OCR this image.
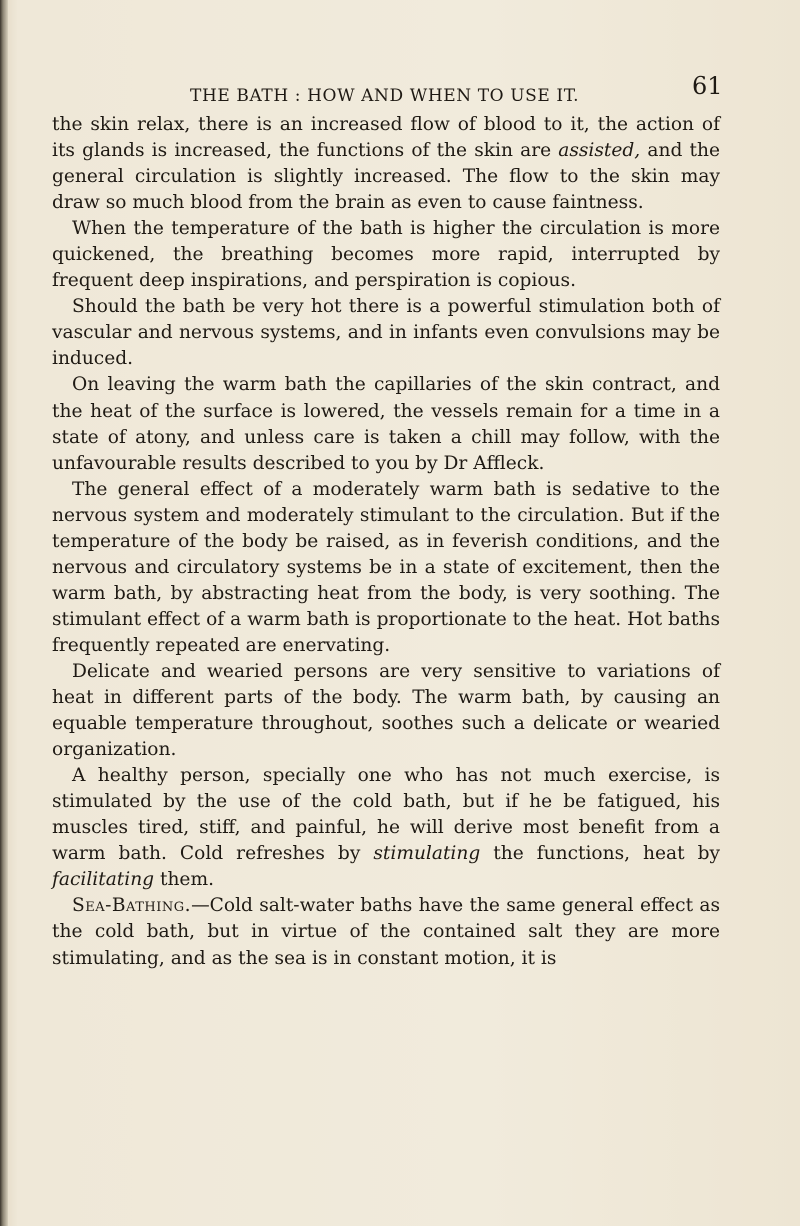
THE BATH : HOW AND WHEN TO USE IT.	61

the skin relax, there is an increased flow of blood to it, the action of its glands is increased, the functions of the skin are assisted, and the general circulation is slightly increased. The flow to the skin may draw so much blood from the brain as even to cause faintness.

When the temperature of the bath is higher the circulation is more quickened, the breathing becomes more rapid, interrupted by frequent deep inspirations, and perspiration is copious.

Should the bath be very hot there is a powerful stimulation both of vascular and nervous systems, and in infants even convulsions may be induced.

On leaving the warm bath the capillaries of the skin contract, and the heat of the surface is lowered, the vessels remain for a time in a state of atony, and unless care is taken a chill may follow, with the unfavourable results described to you by Dr Affleck.

The general effect of a moderately warm bath is sedative to the nervous system and moderately stimulant to the circulation. But if the temperature of the body be raised, as in feverish conditions, and the nervous and circulatory systems be in a state of excitement, then the warm bath, by abstracting heat from the body, is very soothing. The stimulant effect of a warm bath is proportionate to the heat. Hot baths frequently repeated are enervating.

Delicate and wearied persons are very sensitive to variations of heat in different parts of the body. The warm bath, by causing an equable temperature throughout, soothes such a delicate or wearied organization.

A healthy person, specially one who has not much exercise, is stimulated by the use of the cold bath, but if he be fatigued, his muscles tired, stiff, and painful, he will derive most benefit from a warm bath. Cold refreshes by stimulating the functions, heat by facilitating them.

Sea-Bathing.—Cold salt-water baths have the same general effect as the cold bath, but in virtue of the contained salt they are more stimulating, and as the sea is in constant motion, it is
